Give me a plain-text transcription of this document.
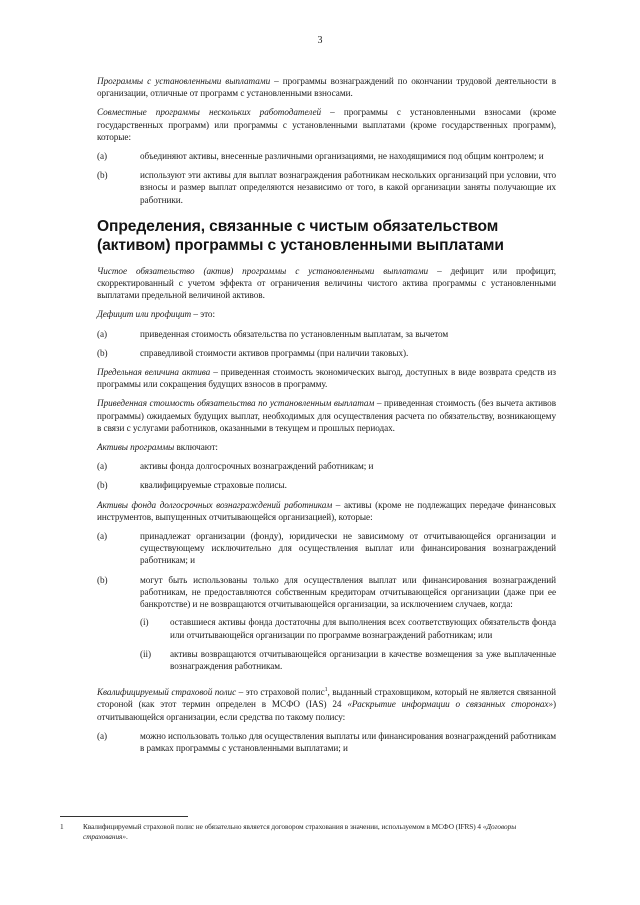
3

Программы с установленными выплатами – программы вознаграждений по окончании трудовой деятельности в организации, отличные от программ с установленными взносами.

Совместные программы нескольких работодателей – программы с установленными взносами (кроме государственных программ) или программы с установленными выплатами (кроме государственных программ), которые:

(a)	объединяют активы, внесенные различными организациями, не находящимися под общим контролем; и
(b)	используют эти активы для выплат вознаграждения работникам нескольких организаций при условии, что взносы и размер выплат определяются независимо от того, в какой организации заняты получающие их работники.
Определения, связанные с чистым обязательством (активом) программы с установленными выплатами

Чистое обязательство (актив) программы с установленными выплатами – дефицит или профицит, скорректированный с учетом эффекта от ограничения величины чистого актива программы с установленными выплатами предельной величиной активов.

Дефицит или профицит – это:

(a)	приведенная стоимость обязательства по установленным выплатам, за вычетом
(b)	справедливой стоимости активов программы (при наличии таковых).

Предельная величина актива – приведенная стоимость экономических выгод, доступных в виде возврата средств из программы или сокращения будущих взносов в программу.

Приведенная стоимость обязательства по установленным выплатам – приведенная стоимость (без вычета активов программы) ожидаемых будущих выплат, необходимых для осуществления расчета по обязательству, возникающему в связи с услугами работников, оказанными в текущем и прошлых периодах.

Активы программы включают:

(a)	активы фонда долгосрочных вознаграждений работникам; и
(b)	квалифицируемые страховые полисы.

Активы фонда долгосрочных вознаграждений работникам – активы (кроме не подлежащих передаче финансовых инструментов, выпущенных отчитывающейся организацией), которые:

(a)	принадлежат организации (фонду), юридически не зависимому от отчитывающейся организации и существующему исключительно для осуществления выплат или финансирования вознаграждений работникам; и
(b)	могут быть использованы только для осуществления выплат или финансирования вознаграждений работникам, не предоставляются собственным кредиторам отчитывающейся организации (даже при ее банкротстве) и не возвращаются отчитывающейся организации, за исключением случаев, когда:
(i)	оставшиеся активы фонда достаточны для выполнения всех соответствующих обязательств фонда или отчитывающейся организации по программе вознаграждений работникам; или
(ii)	активы возвращаются отчитывающейся организации в качестве возмещения за уже выплаченные вознаграждения работникам.

Квалифицируемый страховой полис – это страховой полис$^1$, выданный страховщиком, который не является связанной стороной (как этот термин определен в МСФО (IAS) 24 «Раскрытие информации о связанных сторонах») отчитывающейся организации, если средства по такому полису:

(a)	можно использовать только для осуществления выплаты или финансирования вознаграждений работникам в рамках программы с установленными выплатами; и
1	Квалифицируемый страховой полис не обязательно является договором страхования в значении, используемом в МСФО (IFRS) 4 «Договоры страхования».
